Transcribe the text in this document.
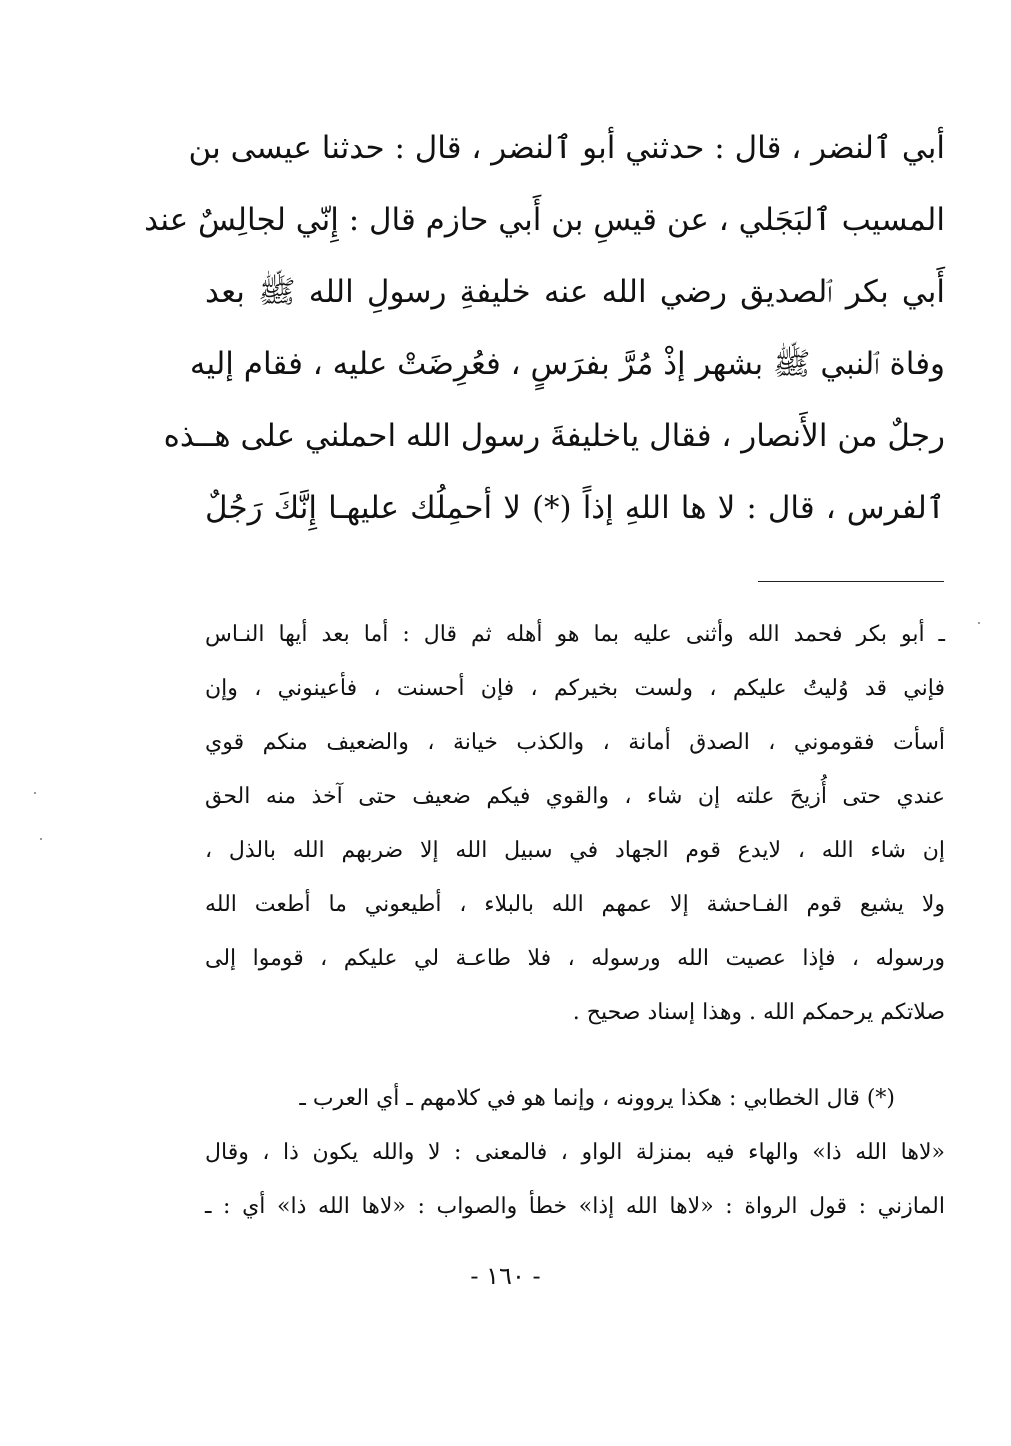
أبي ٱلنضر ، قال : حدثني أبو ٱلنضر ، قال : حدثنا عيسى بن
المسيب ٱلبَجَلي ، عن قيسِ بن أَبي حازم قال : إِنّي لجالِسٌ عند
أَبي بكر ٱلصديق رضي الله عنه خليفةِ رسولِ الله ﷺ بعد
وفاة ٱلنبي ﷺ بشهر إذْ مُرَّ بفرَسٍ ، فعُرِضَتْ عليه ، فقام إليه
رجلٌ من الأَنصار ، فقال ياخليفةَ رسول الله احملني على هــذه
ٱلفرس ، قال : لا ها اللهِ إذاً (*) لا أحمِلُك عليهـا إِنَّكَ رَجُلٌ
ـ أبو بكر فحمد الله وأثنى عليه بما هو أهله ثم قال : أما بعد أيها النـاس
فإني قد وُليتُ عليكم ، ولست بخيركم ، فإن أحسنت ، فأعينوني ، وإن
أسأت فقوموني ، الصدق أمانة ، والكذب خيانة ، والضعيف منكم قوي
عندي حتى أُزيحَ علته إن شاء ، والقوي فيكم ضعيف حتى آخذ منه الحق
إن شاء الله ، لايدع قوم الجهاد في سبيل الله إلا ضربهم الله بالذل ،
ولا يشيع قوم الفـاحشة إلا عمهم الله بالبلاء ، أطيعوني ما أطعت الله
ورسوله ، فإذا عصيت الله ورسوله ، فلا طاعـة لي عليكم ، قوموا إلى
صلاتكم يرحمكم الله . وهذا إسناد صحيح .
(*) قال الخطابي : هكذا يروونه ، وإنما هو في كلامهم ـ أي العرب ـ
«لاها الله ذا» والهاء فيه بمنزلة الواو ، فالمعنى : لا والله يكون ذا ، وقال
المازني : قول الرواة : «لاها الله إذا» خطأ والصواب : «لاها الله ذا» أي : ـ
- ١٦٠ -
